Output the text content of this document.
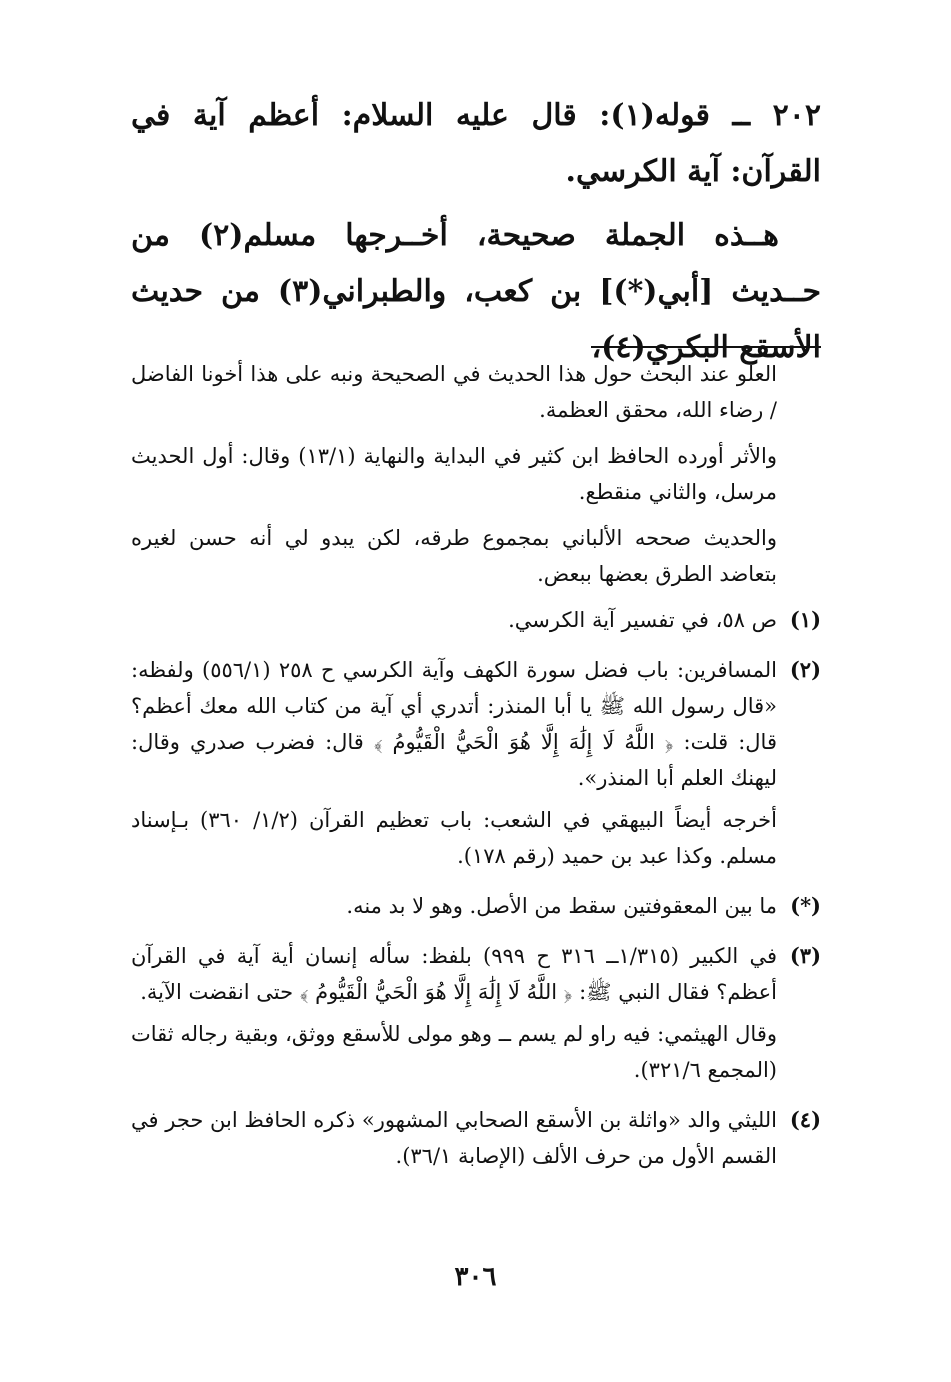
٢٠٢ ــ قوله(١): قال عليه السلام: أعظم آية في القرآن: آية الكرسي.

هــذه الجملة صحيحة، أخــرجها مسلم(٢) من حــديث [أبي(*)] بن كعب، والطبراني(٣) من حديث الأسقع البكري(٤)،

العلو عند البحث حول هذا الحديث في الصحيحة ونبه على هذا أخونا الفاضل / رضاء الله، محقق العظمة.

والأثر أورده الحافظ ابن كثير في البداية والنهاية (١٣/١) وقال: أول الحديث مرسل، والثاني منقطع.

والحديث صححه الألباني بمجموع طرقه، لكن يبدو لي أنه حسن لغيره بتعاضد الطرق بعضها ببعض.

(١)

ص ٥٨، في تفسير آية الكرسي.

(٢)

المسافرين: باب فضل سورة الكهف وآية الكرسي ح ٢٥٨ (٥٥٦/١) ولفظه: «قال رسول الله ﷺ يا أبا المنذر: أتدري أي آية من كتاب الله معك أعظم؟ قال: قلت: ﴿ اللَّهُ لَا إِلَٰهَ إِلَّا هُوَ الْحَيُّ الْقَيُّومُ ﴾ قال: فضرب صدري وقال: ليهنك العلم أبا المنذر».

أخرجه أيضاً البيهقي في الشعب: باب تعظيم القرآن (١/٢/ ٣٦٠) بـإسناد مسلم. وكذا عبد بن حميد (رقم ١٧٨).

(*)

ما بين المعقوفتين سقط من الأصل. وهو لا بد منه.

(٣)

في الكبير (١/٣١٥ــ ٣١٦ ح ٩٩٩) بلفظ: سأله إنسان أية آية في القرآن أعظم؟ فقال النبي ﷺ: ﴿ اللَّهُ لَا إِلَٰهَ إِلَّا هُوَ الْحَيُّ الْقَيُّومُ ﴾ حتى انقضت الآية.

وقال الهيثمي: فيه راو لم يسم ــ وهو مولى للأسقع ووثق، وبقية رجاله ثقات (المجمع ٣٢١/٦).

(٤)

الليثي والد «واثلة بن الأسقع الصحابي المشهور» ذكره الحافظ ابن حجر في القسم الأول من حرف الألف (الإصابة ٣٦/١).

٣٠٦
